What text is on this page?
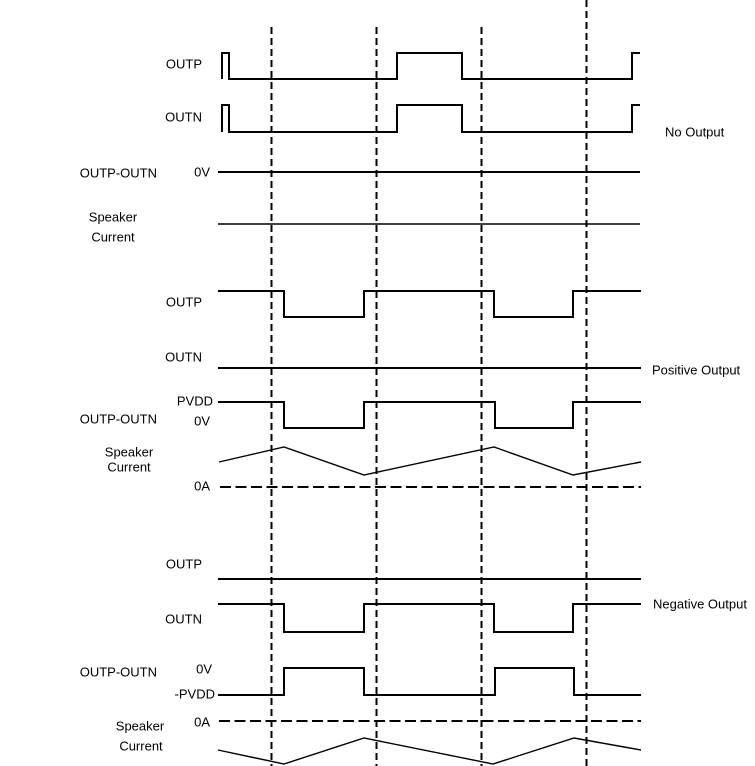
OUTP
OUTN
OUTP-OUTN	0V
Speaker
Current
No Output
OUTP
OUTN
PVDD
OUTP-OUTN	0V
Speaker
Current
0A
Positive Output
OUTP
OUTN
0V
OUTP-OUTN
-PVDD
0A
Speaker
Current
Negative Output
